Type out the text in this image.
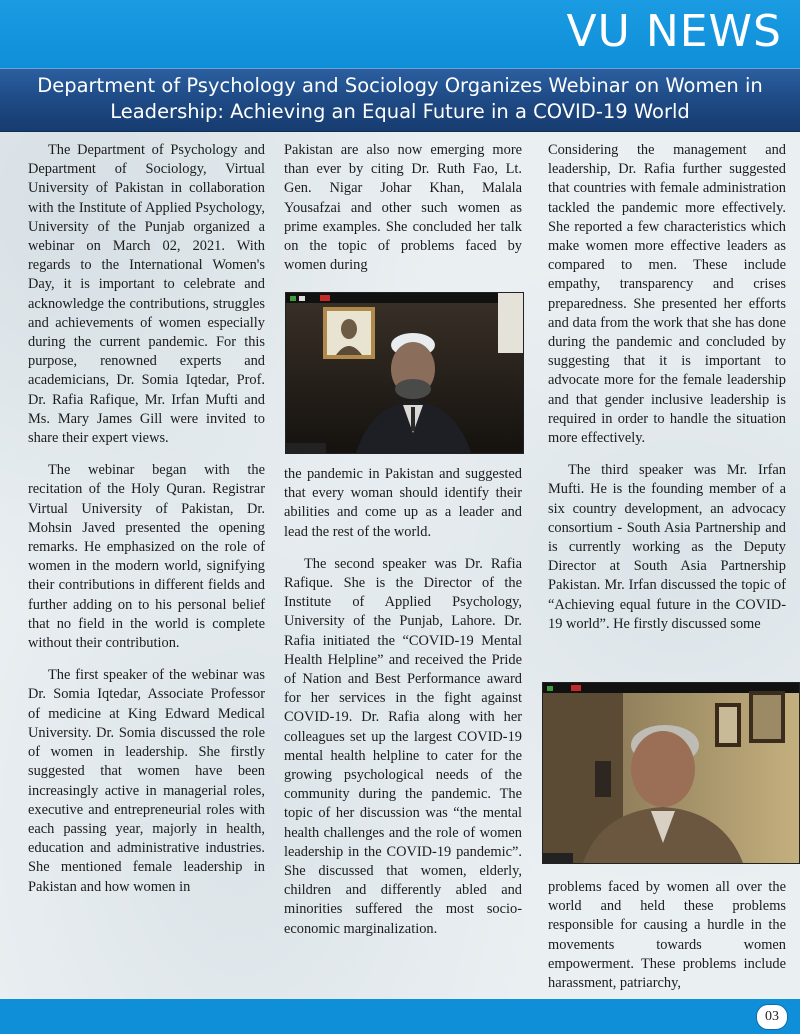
VU NEWS
Department of Psychology and Sociology Organizes Webinar on Women in Leadership: Achieving an Equal Future in a COVID-19 World

The Department of Psychology and Department of Sociology, Virtual University of Pakistan in collaboration with the Institute of Applied Psychology, University of the Punjab organized a webinar on March 02, 2021. With regards to the International Women's Day, it is important to celebrate and acknowledge the contributions, struggles and achievements of women especially during the current pandemic. For this purpose, renowned experts and academicians, Dr. Somia Iqtedar, Prof. Dr. Rafia Rafique, Mr. Irfan Mufti and Ms. Mary James Gill were invited to share their expert views.

The webinar began with the recitation of the Holy Quran. Registrar Virtual University of Pakistan, Dr. Mohsin Javed presented the opening remarks. He emphasized on the role of women in the modern world, signifying their contributions in different fields and further adding on to his personal belief that no field in the world is complete without their contribution.

The first speaker of the webinar was Dr. Somia Iqtedar, Associate Professor of medicine at King Edward Medical University. Dr. Somia discussed the role of women in leadership. She firstly suggested that women have been increasingly active in managerial roles, executive and entrepreneurial roles with each passing year, majorly in health, education and administrative industries. She mentioned female leadership in Pakistan and how women in

Pakistan are also now emerging more than ever by citing Dr. Ruth Fao, Lt. Gen. Nigar Johar Khan, Malala Yousafzai and other such women as prime examples. She concluded her talk on the topic of problems faced by women during

the pandemic in Pakistan and suggested that every woman should identify their abilities and come up as a leader and lead the rest of the world.

The second speaker was Dr. Rafia Rafique. She is the Director of the Institute of Applied Psychology, University of the Punjab, Lahore. Dr. Rafia initiated the “COVID-19 Mental Health Helpline” and received the Pride of Nation and Best Performance award for her services in the fight against COVID-19. Dr. Rafia along with her colleagues set up the largest COVID-19 mental health helpline to cater for the growing psychological needs of the community during the pandemic. The topic of her discussion was “the mental health challenges and the role of women leadership in the COVID-19 pandemic”. She discussed that women, elderly, children and differently abled and minorities suffered the most socio-economic marginalization.

Considering the management and leadership, Dr. Rafia further suggested that countries with female administration tackled the pandemic more effectively. She reported a few characteristics which make women more effective leaders as compared to men. These include empathy, transparency and crises preparedness. She presented her efforts and data from the work that she has done during the pandemic and concluded by suggesting that it is important to advocate more for the female leadership and that gender inclusive leadership is required in order to handle the situation more effectively.

The third speaker was Mr. Irfan Mufti. He is the founding member of a six country development, an advocacy consortium - South Asia Partnership and is currently working as the Deputy Director at South Asia Partnership Pakistan. Mr. Irfan discussed the topic of “Achieving equal future in the COVID-19 world”. He firstly discussed some

problems faced by women all over the world and held these problems responsible for causing a hurdle in the movements towards women empowerment. These problems include harassment, patriarchy,

03
